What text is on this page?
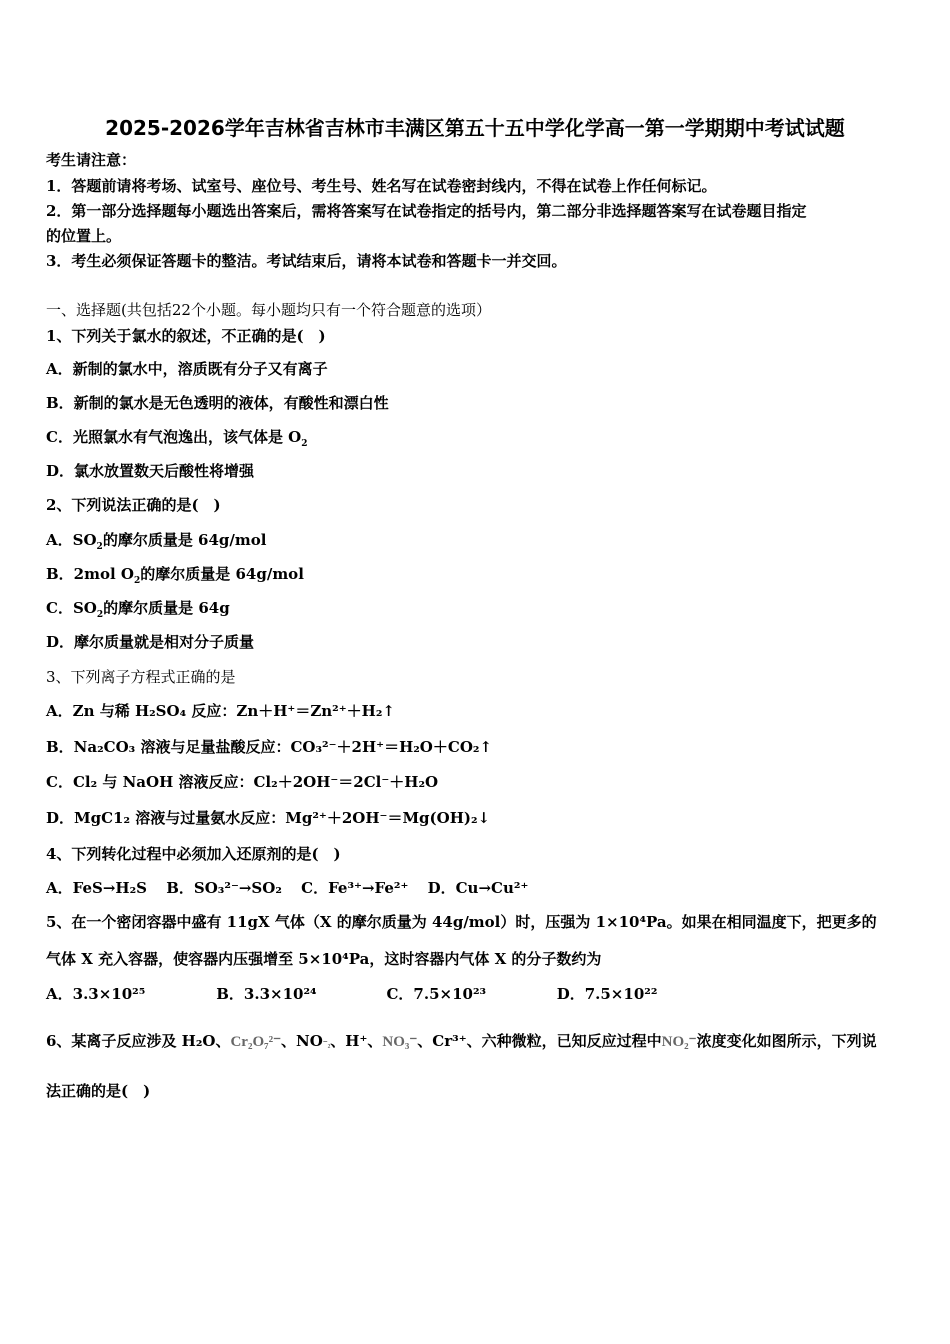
2025-2026学年吉林省吉林市丰满区第五十五中学化学高一第一学期期中考试试题
考生请注意：
1．答题前请将考场、试室号、座位号、考生号、姓名写在试卷密封线内，不得在试卷上作任何标记。
2．第一部分选择题每小题选出答案后，需将答案写在试卷指定的括号内，第二部分非选择题答案写在试卷题目指定
的位置上。
3．考生必须保证答题卡的整洁。考试结束后，请将本试卷和答题卡一并交回。
一、选择题(共包括22个小题。每小题均只有一个符合题意的选项）
1、下列关于氯水的叙述，不正确的是(　)
A．新制的氯水中，溶质既有分子又有离子
B．新制的氯水是无色透明的液体，有酸性和漂白性
C．光照氯水有气泡逸出，该气体是 $O_2$
D．氯水放置数天后酸性将增强
2、下列说法正确的是(　)
A．$SO_2$的摩尔质量是 64g/mol
B．2mol $O_2$的摩尔质量是 64g/mol
C．$SO_2$的摩尔质量是 64g
D．摩尔质量就是相对分子质量
3、下列离子方程式正确的是
A．Zn 与稀 H₂SO₄ 反应：Zn＋H⁺＝Zn²⁺＋H₂↑
B．Na₂CO₃ 溶液与足量盐酸反应：CO₃²⁻＋2H⁺＝H₂O＋CO₂↑
C．Cl₂ 与 NaOH 溶液反应：Cl₂＋2OH⁻＝2Cl⁻＋H₂O
D．MgC1₂ 溶液与过量氨水反应：Mg²⁺＋2OH⁻＝Mg(OH)₂↓
4、下列转化过程中必须加入还原剂的是(　)
A．FeS→H₂S B．SO₃²⁻→SO₂ C．Fe³⁺→Fe²⁺ D．Cu→Cu²⁺
5、在一个密闭容器中盛有 11gX 气体（X 的摩尔质量为 44g/mol）时，压强为 1×10⁴Pa。如果在相同温度下，把更多的
气体 X 充入容器，使容器内压强增至 5×10⁴Pa，这时容器内气体 X 的分子数约为
A．3.3×10²⁵	B．3.3×10²⁴	C．7.5×10²³	D．7.5×10²²
6、某离子反应涉及 H₂O、Cr₂O₇²⁻、NO⁻₂、H⁺、NO₃⁻、Cr³⁺、六种微粒，已知反应过程中NO₂⁻浓度变化如图所示，下列说
法正确的是(　)
